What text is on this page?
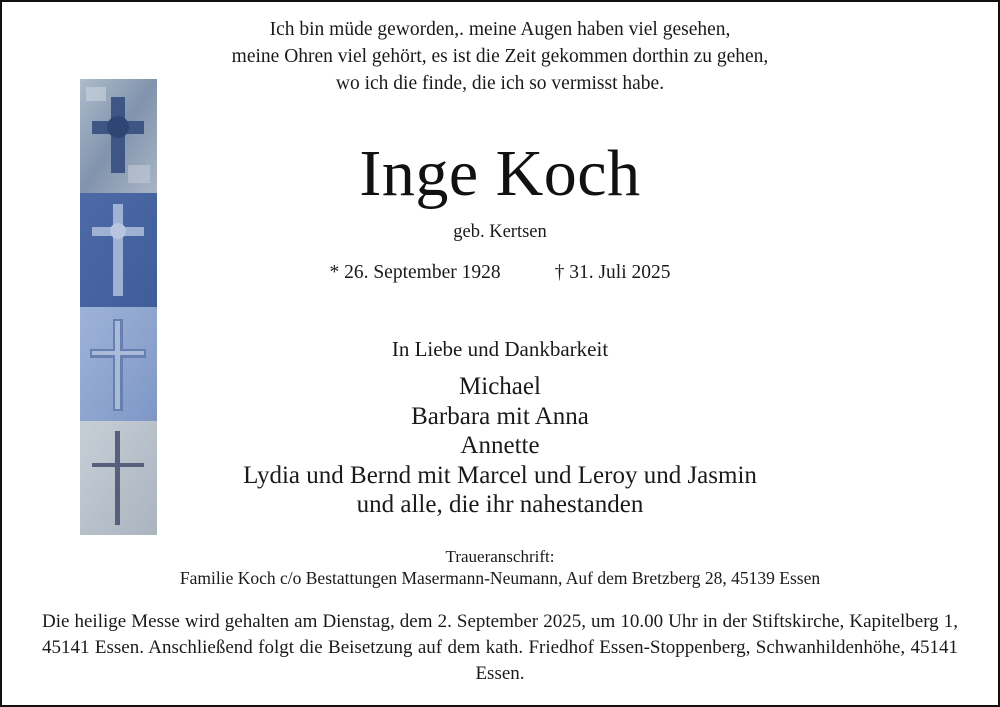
Ich bin müde geworden,. meine Augen haben viel gesehen,
meine Ohren viel gehört, es ist die Zeit gekommen dorthin zu gehen,
wo ich die finde, die ich so vermisst habe.
Inge Koch
geb. Kertsen
* 26. September 1928	† 31. Juli 2025
In Liebe und Dankbarkeit
Michael
Barbara mit Anna
Annette
Lydia und Bernd mit Marcel und Leroy und Jasmin
und alle, die ihr nahestanden
Traueranschrift:
Familie Koch c/o Bestattungen Masermann-Neumann, Auf dem Bretzberg 28, 45139 Essen
Die heilige Messe wird gehalten am Dienstag, dem 2. September 2025, um 10.00 Uhr in der Stiftskirche, Kapitelberg 1, 45141 Essen. Anschließend folgt die Beisetzung auf dem kath. Friedhof Essen-Stoppenberg, Schwanhildenhöhe, 45141 Essen.
